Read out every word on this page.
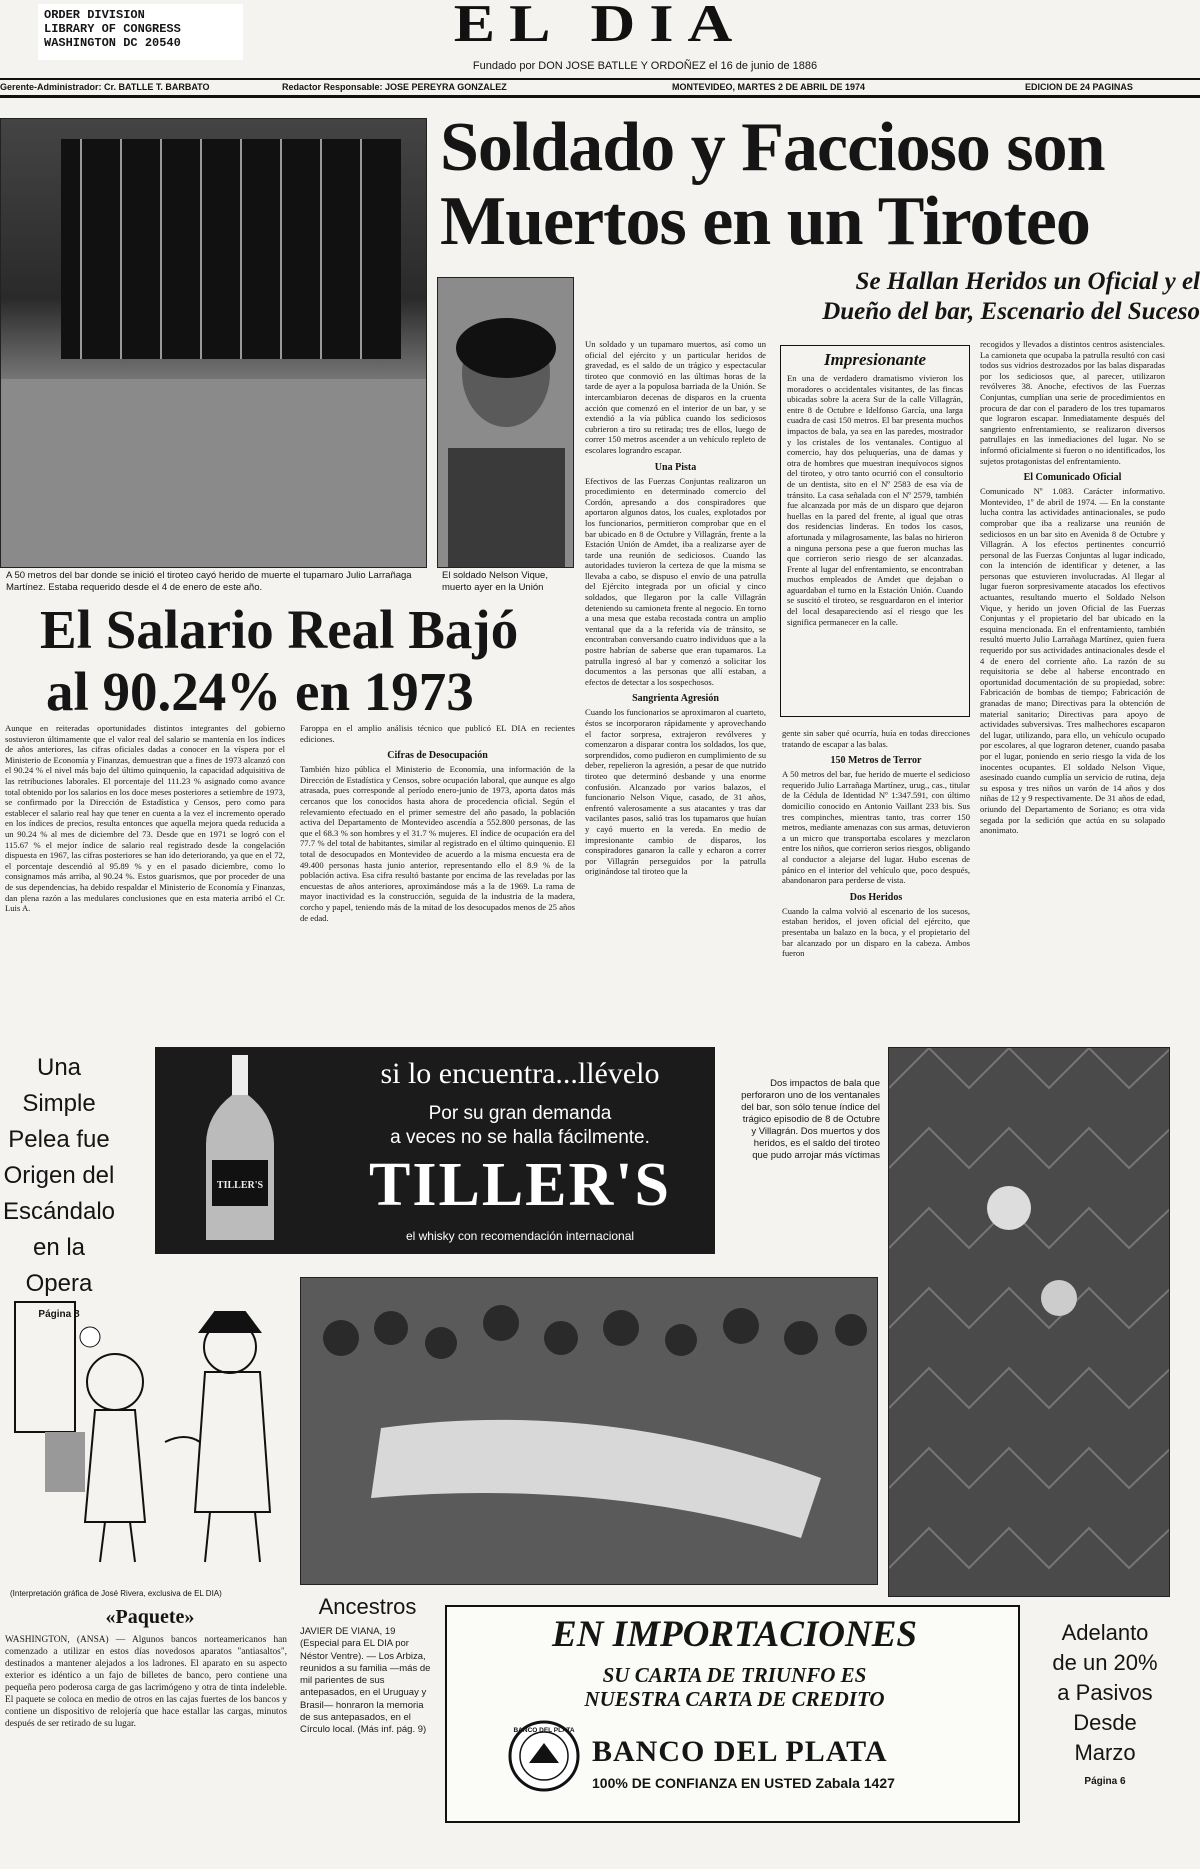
ORDER DIVISION
LIBRARY OF CONGRESS
WASHINGTON DC 20540	EL DIA
Fundado por DON JOSE BATLLE Y ORDOÑEZ el 16 de junio de 1886
Gerente-Administrador: Cr. BATLLE T. BARBATO	Redactor Responsable: JOSE PEREYRA GONZALEZ	MONTEVIDEO, MARTES 2 DE ABRIL DE 1974	EDICION DE 24 PAGINAS
A 50 metros del bar donde se inició el tiroteo cayó herido de muerte el tupamaro Julio Larrañaga Martínez. Estaba requerido desde el 4 de enero de este año.
El soldado Nelson Vique, muerto ayer en la Unión
Soldado y Faccioso son
Muertos en un Tiroteo
Se Hallan Heridos un Oficial y el
Dueño del bar, Escenario del Suceso

Un soldado y un tupamaro muertos, así como un oficial del ejército y un particular heridos de gravedad, es el saldo de un trágico y espectacular tiroteo que conmovió en las últimas horas de la tarde de ayer a la populosa barriada de la Unión. Se intercambiaron decenas de disparos en la cruenta acción que comenzó en el interior de un bar, y se extendió a la vía pública cuando los sediciosos cubrieron a tiro su retirada; tres de ellos, luego de correr 150 metros ascender a un vehículo repleto de escolares lograndro escapar.

Una Pista

Efectivos de las Fuerzas Conjuntas realizaron un procedimiento en determinado comercio del Cordón, apresando a dos conspiradores que aportaron algunos datos, los cuales, explotados por los funcionarios, permitieron comprobar que en el bar ubicado en 8 de Octubre y Villagrán, frente a la Estación Unión de Amdet, iba a realizarse ayer de tarde una reunión de sediciosos. Cuando las autoridades tuvieron la certeza de que la misma se llevaba a cabo, se dispuso el envío de una patrulla del Ejército integrada por un oficial y cinco soldados, que llegaron por la calle Villagrán deteniendo su camioneta frente al negocio. En torno a una mesa que estaba recostada contra un amplio ventanal que da a la referida vía de tránsito, se encontraban conversando cuatro individuos que a la postre habrían de saberse que eran tupamaros. La patrulla ingresó al bar y comenzó a solicitar los documentos a las personas que allí estaban, a efectos de detectar a los sospechosos.

Sangrienta Agresión

Cuando los funcionarios se aproximaron al cuarteto, éstos se incorporaron rápidamente y aprovechando el factor sorpresa, extrajeron revólveres y comenzaron a disparar contra los soldados, los que, sorprendidos, como pudieron en cumplimiento de su deber, repelieron la agresión, a pesar de que nutrido tiroteo que determinó desbande y una enorme confusión. Alcanzado por varios balazos, el funcionario Nelson Vique, casado, de 31 años, enfrentó valerosamente a sus atacantes y tras dar vacilantes pasos, salió tras los tupamaros que huían y cayó muerto en la vereda. En medio de impresionante cambio de disparos, los conspiradores ganaron la calle y echaron a correr por Villagrán perseguidos por la patrulla originándose tal tiroteo que la

Impresionante

En una de verdadero dramatismo vivieron los moradores o accidentales visitantes, de las fincas ubicadas sobre la acera Sur de la calle Villagrán, entre 8 de Octubre e Idelfonso García, una larga cuadra de casi 150 metros. El bar presenta muchos impactos de bala, ya sea en las paredes, mostrador y los cristales de los ventanales. Contiguo al comercio, hay dos peluquerías, una de damas y otra de hombres que muestran inequívocos signos del tiroteo, y otro tanto ocurrió con el consultorio de un dentista, sito en el Nº 2583 de esa vía de tránsito. La casa señalada con el Nº 2579, también fue alcanzada por más de un disparo que dejaron huellas en la pared del frente, al igual que otras dos residencias linderas. En todos los casos, afortunada y milagrosamente, las balas no hirieron a ninguna persona pese a que fueron muchas las que corrieron serio riesgo de ser alcanzadas. Frente al lugar del enfrentamiento, se encontraban muchos empleados de Amdet que dejaban o aguardaban el turno en la Estación Unión. Cuando se suscitó el tiroteo, se resguardaron en el interior del local desapareciendo así el riesgo que les significa permanecer en la calle.

gente sin saber qué ocurría, huía en todas direcciones tratando de escapar a las balas.

150 Metros de Terror

A 50 metros del bar, fue herido de muerte el sedicioso requerido Julio Larrañaga Martínez, urug., cas., titular de la Cédula de Identidad Nº 1:347.591, con último domicilio conocido en Antonio Vaillant 233 bis. Sus tres compinches, mientras tanto, tras correr 150 metros, mediante amenazas con sus armas, detuvieron a un micro que transportaba escolares y mezclaron entre los niños, que corrieron serios riesgos, obligando al conductor a alejarse del lugar. Hubo escenas de pánico en el interior del vehículo que, poco después, abandonaron para perderse de vista.

Dos Heridos

Cuando la calma volvió al escenario de los sucesos, estaban heridos, el joven oficial del ejército, que presentaba un balazo en la boca, y el propietario del bar alcanzado por un disparo en la cabeza. Ambos fueron

recogidos y llevados a distintos centros asistenciales. La camioneta que ocupaba la patrulla resultó con casi todos sus vidrios destrozados por las balas disparadas por los sediciosos que, al parecer, utilizaron revólveres 38. Anoche, efectivos de las Fuerzas Conjuntas, cumplían una serie de procedimientos en procura de dar con el paradero de los tres tupamaros que lograron escapar. Inmediatamente después del sangriento enfrentamiento, se realizaron diversos patrullajes en las inmediaciones del lugar. No se informó oficialmente si fueron o no identificados, los sujetos protagonistas del enfrentamiento.

El Comunicado Oficial

Comunicado Nº 1.083. Carácter informativo. Montevideo, 1º de abril de 1974. — En la constante lucha contra las actividades antinacionales, se pudo comprobar que iba a realizarse una reunión de sediciosos en un bar sito en Avenida 8 de Octubre y Villagrán. A los efectos pertinentes concurrió personal de las Fuerzas Conjuntas al lugar indicado, con la intención de identificar y detener, a las personas que estuvieren involucradas. Al llegar al lugar fueron sorpresivamente atacados los efectivos actuantes, resultando muerto el Soldado Nelson Vique, y herido un joven Oficial de las Fuerzas Conjuntas y el propietario del bar ubicado en la esquina mencionada. En el enfrentamiento, también resultó muerto Julio Larrañaga Martínez, quien fuera requerido por sus actividades antinacionales desde el 4 de enero del corriente año. La razón de su requisitoria se debe al haberse encontrado en oportunidad documentación de su propiedad, sobre: Fabricación de bombas de tiempo; Fabricación de granadas de mano; Directivas para la obtención de material sanitario; Directivas para apoyo de actividades subversivas. Tres malhechores escaparon del lugar, utilizando, para ello, un vehículo ocupado por escolares, al que lograron detener, cuando pasaba por el lugar, poniendo en serio riesgo la vida de los inocentes ocupantes. El soldado Nelson Vique, asesinado cuando cumplía un servicio de rutina, deja su esposa y tres niños un varón de 14 años y dos niñas de 12 y 9 respectivamente. De 31 años de edad, oriundo del Departamento de Soriano; es otra vida segada por la sedición que actúa en su solapado anonimato.

El Salario Real Bajó
al 90.24% en 1973

Aunque en reiteradas oportunidades distintos integrantes del gobierno sostuvieron últimamente que el valor real del salario se mantenía en los índices de años anteriores, las cifras oficiales dadas a conocer en la víspera por el Ministerio de Economía y Finanzas, demuestran que a fines de 1973 alcanzó con el 90.24 % el nivel más bajo del último quinquenio, la capacidad adquisitiva de las retribuciones laborales. El porcentaje del 111.23 % asignado como avance total obtenido por los salarios en los doce meses posteriores a setiembre de 1973, se confirmado por la Dirección de Estadística y Censos, pero como para establecer el salario real hay que tener en cuenta a la vez el incremento operado en los índices de precios, resulta entonces que aquella mejora queda reducida a un 90.24 % al mes de diciembre del 73. Desde que en 1971 se logró con el 115.67 % el mejor índice de salario real registrado desde la congelación dispuesta en 1967, las cifras posteriores se han ido deteriorando, ya que en el 72, el porcentaje descendió al 95.89 % y en el pasado diciembre, como lo consignamos más arriba, al 90.24 %. Estos guarismos, que por proceder de una de sus dependencias, ha debido respaldar el Ministerio de Economía y Finanzas, dan plena razón a las medulares conclusiones que en esta materia arribó el Cr. Luis A.

Faroppa en el amplio análisis técnico que publicó EL DIA en recientes ediciones.

Cifras de Desocupación

También hizo pública el Ministerio de Economía, una información de la Dirección de Estadística y Censos, sobre ocupación laboral, que aunque es algo atrasada, pues corresponde al período enero-junio de 1973, aporta datos más cercanos que los conocidos hasta ahora de procedencia oficial. Según el relevamiento efectuado en el primer semestre del año pasado, la población activa del Departamento de Montevideo ascendía a 552.800 personas, de las que el 68.3 % son hombres y el 31.7 % mujeres. El índice de ocupación era del 77.7 % del total de habitantes, similar al registrado en el último quinquenio. El total de desocupados en Montevideo de acuerdo a la misma encuesta era de 49.400 personas hasta junio anterior, representando ello el 8.9 % de la población activa. Esa cifra resultó bastante por encima de las reveladas por las encuestas de años anteriores, aproximándose más a la de 1969. La rama de mayor inactividad es la construcción, seguida de la industria de la madera, corcho y papel, teniendo más de la mitad de los desocupados menos de 25 años de edad.

Una Simple
Pelea fue
Origen del
Escándalo
en la Opera
Página 8
TILLER'S
si lo encuentra...llévelo
Por su gran demanda
a veces no se halla fácilmente.
TILLER'S
el whisky con recomendación internacional
Dos impactos de bala que perforaron uno de los ventanales del bar, son sólo tenue índice del trágico episodio de 8 de Octubre y Villagrán. Dos muertos y dos heridos, es el saldo del tiroteo que pudo arrojar más víctimas
(Interpretación gráfica de José Rivera, exclusiva de EL DIA)
«Paquete»

WASHINGTON, (ANSA) — Algunos bancos norteamericanos han comenzado a utilizar en estos días novedosos aparatos "antiasaltos", destinados a mantener alejados a los ladrones. El aparato en su aspecto exterior es idéntico a un fajo de billetes de banco, pero contiene una pequeña pero poderosa carga de gas lacrimógeno y otra de tinta indeleble. El paquete se coloca en medio de otros en las cajas fuertes de los bancos y contiene un dispositivo de relojería que hace estallar las cargas, minutos después de ser retirado de su lugar.

Ancestros

JAVIER DE VIANA, 19 (Especial para EL DIA por Néstor Ventre). — Los Arbiza, reunidos a su familia —más de mil parientes de sus antepasados, en el Uruguay y Brasil— honraron la memoria de sus antepasados, en el Círculo local. (Más inf. pág. 9)

EN IMPORTACIONES
SU CARTA DE TRIUNFO ES
NUESTRA CARTA DE CREDITO
BANCO DEL PLATA
BANCO DEL PLATA
100% DE CONFIANZA EN USTED Zabala 1427
Adelanto
de un 20%
a Pasivos
Desde
Marzo
Página 6
